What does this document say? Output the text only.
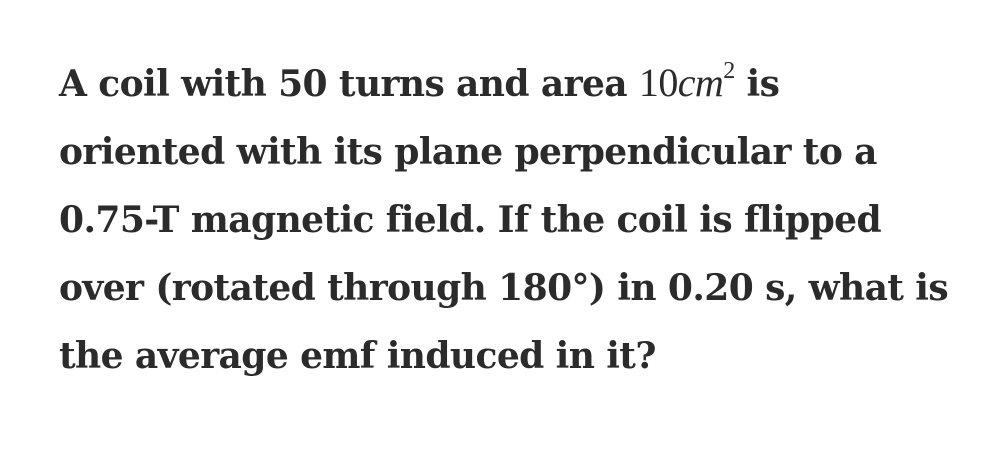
A coil with 50 turns and area $10cm^2$ is
oriented with its plane perpendicular to a
0.75-T magnetic field. If the coil is flipped
over (rotated through 180°) in 0.20 s, what is
the average emf induced in it?
